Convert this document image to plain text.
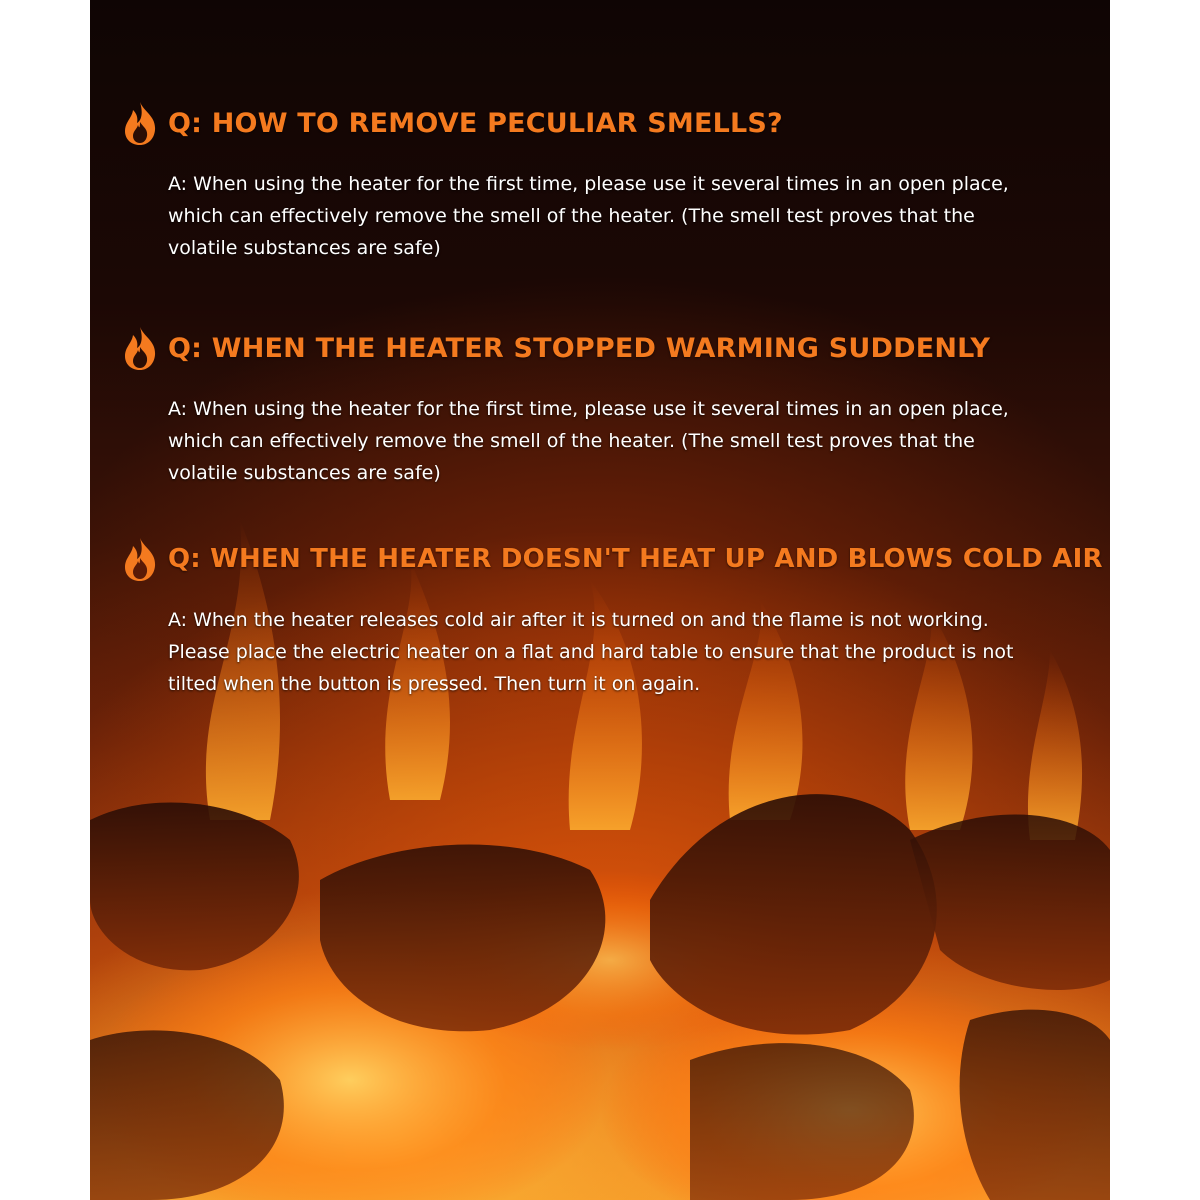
Q: HOW TO REMOVE PECULIAR SMELLS?

A: When using the heater for the first time, please use it several times in an open place, which can effectively remove the smell of the heater. (The smell test proves that the volatile substances are safe)

Q: WHEN THE HEATER STOPPED WARMING SUDDENLY

A: When using the heater for the first time, please use it several times in an open place, which can effectively remove the smell of the heater. (The smell test proves that the volatile substances are safe)

Q: WHEN THE HEATER DOESN'T HEAT UP AND BLOWS COLD AIR

A: When the heater releases cold air after it is turned on and the flame is not working. Please place the electric heater on a flat and hard table to ensure that the product is not tilted when the button is pressed. Then turn it on again.
